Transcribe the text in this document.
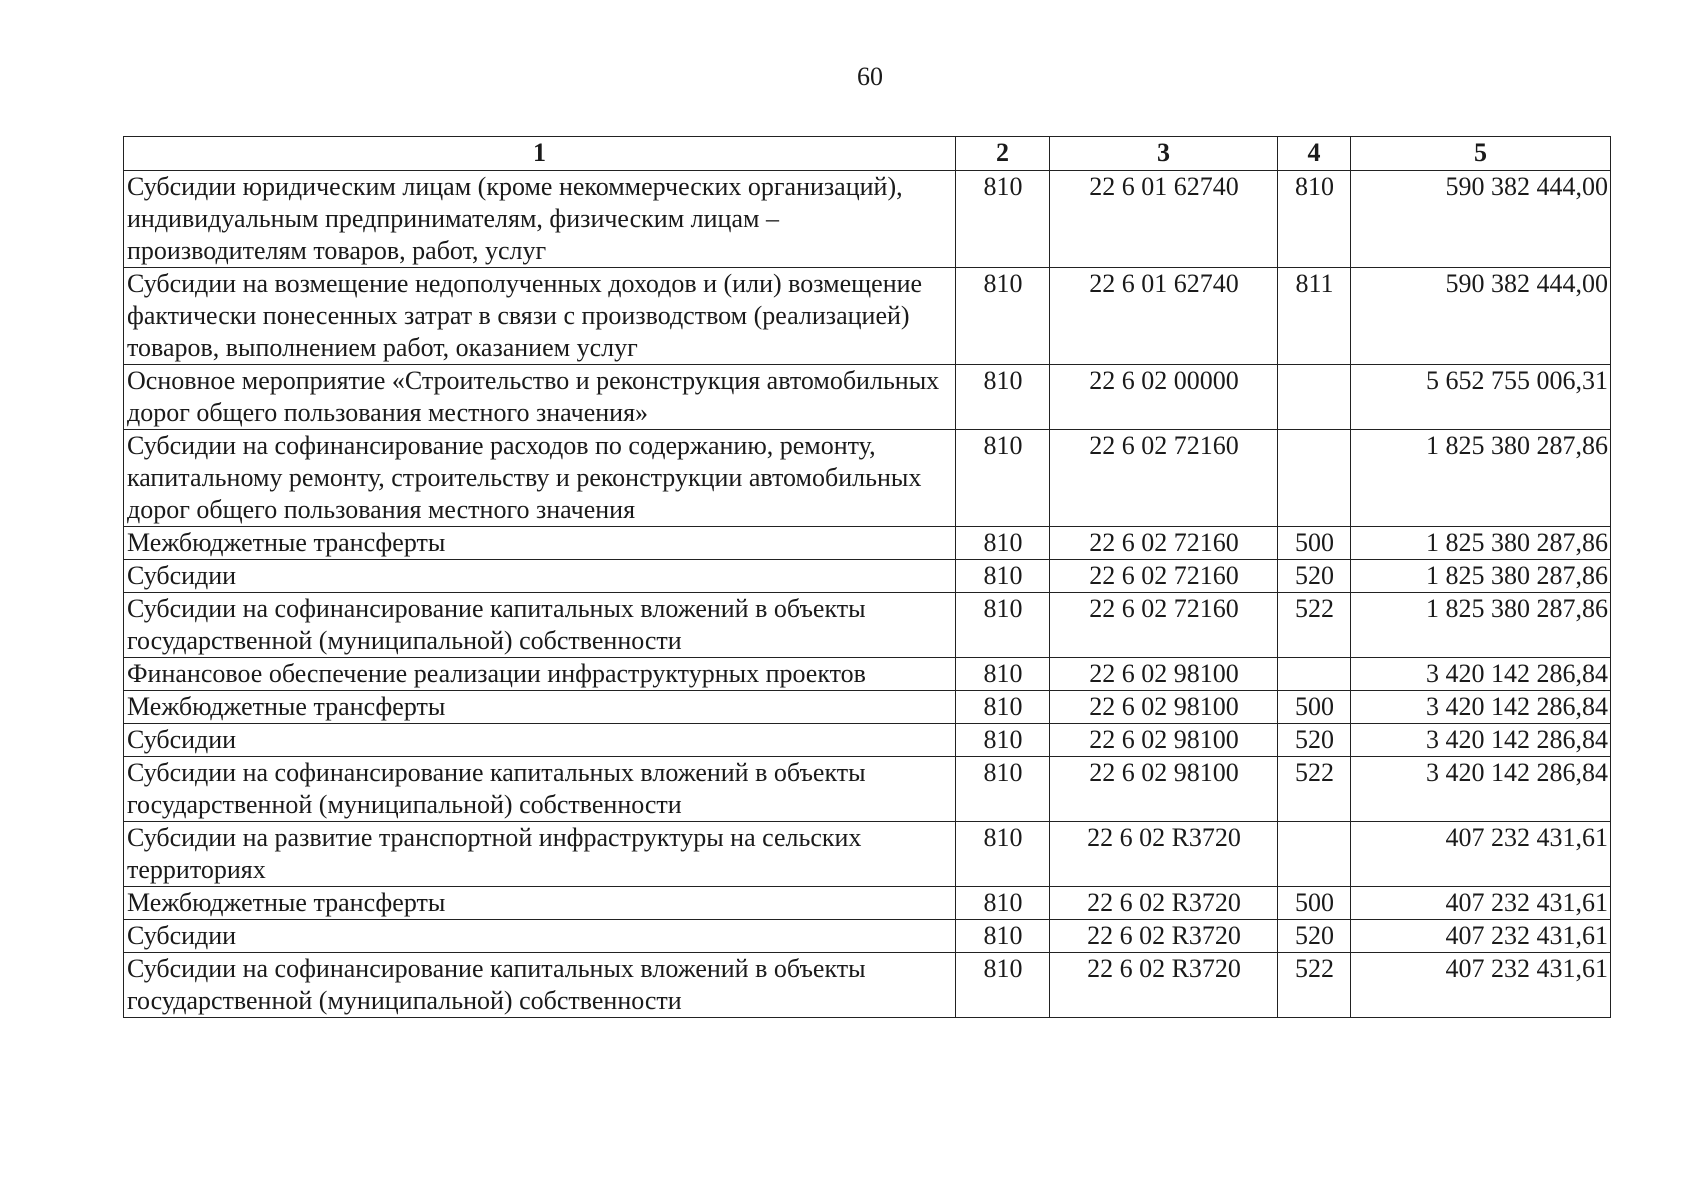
60
1	2	3	4	5
Субсидии юридическим лицам (кроме некоммерческих организаций), индивидуальным предпринимателям, физическим лицам – производителям товаров, работ, услуг	810	22 6 01 62740	810	590 382 444,00
Субсидии на возмещение недополученных доходов и (или) возмещение фактически понесенных затрат в связи с производством (реализацией) товаров, выполнением работ, оказанием услуг	810	22 6 01 62740	811	590 382 444,00
Основное мероприятие «Строительство и реконструкция автомобильных дорог общего пользования местного значения»	810	22 6 02 00000		5 652 755 006,31
Субсидии на софинансирование расходов по содержанию, ремонту, капитальному ремонту, строительству и реконструкции автомобильных дорог общего пользования местного значения	810	22 6 02 72160		1 825 380 287,86
Межбюджетные трансферты	810	22 6 02 72160	500	1 825 380 287,86
Субсидии	810	22 6 02 72160	520	1 825 380 287,86
Субсидии на софинансирование капитальных вложений в объекты государственной (муниципальной) собственности	810	22 6 02 72160	522	1 825 380 287,86
Финансовое обеспечение реализации инфраструктурных проектов	810	22 6 02 98100		3 420 142 286,84
Межбюджетные трансферты	810	22 6 02 98100	500	3 420 142 286,84
Субсидии	810	22 6 02 98100	520	3 420 142 286,84
Субсидии на софинансирование капитальных вложений в объекты государственной (муниципальной) собственности	810	22 6 02 98100	522	3 420 142 286,84
Субсидии на развитие транспортной инфраструктуры на сельских территориях	810	22 6 02 R3720		407 232 431,61
Межбюджетные трансферты	810	22 6 02 R3720	500	407 232 431,61
Субсидии	810	22 6 02 R3720	520	407 232 431,61
Субсидии на софинансирование капитальных вложений в объекты государственной (муниципальной) собственности	810	22 6 02 R3720	522	407 232 431,61
